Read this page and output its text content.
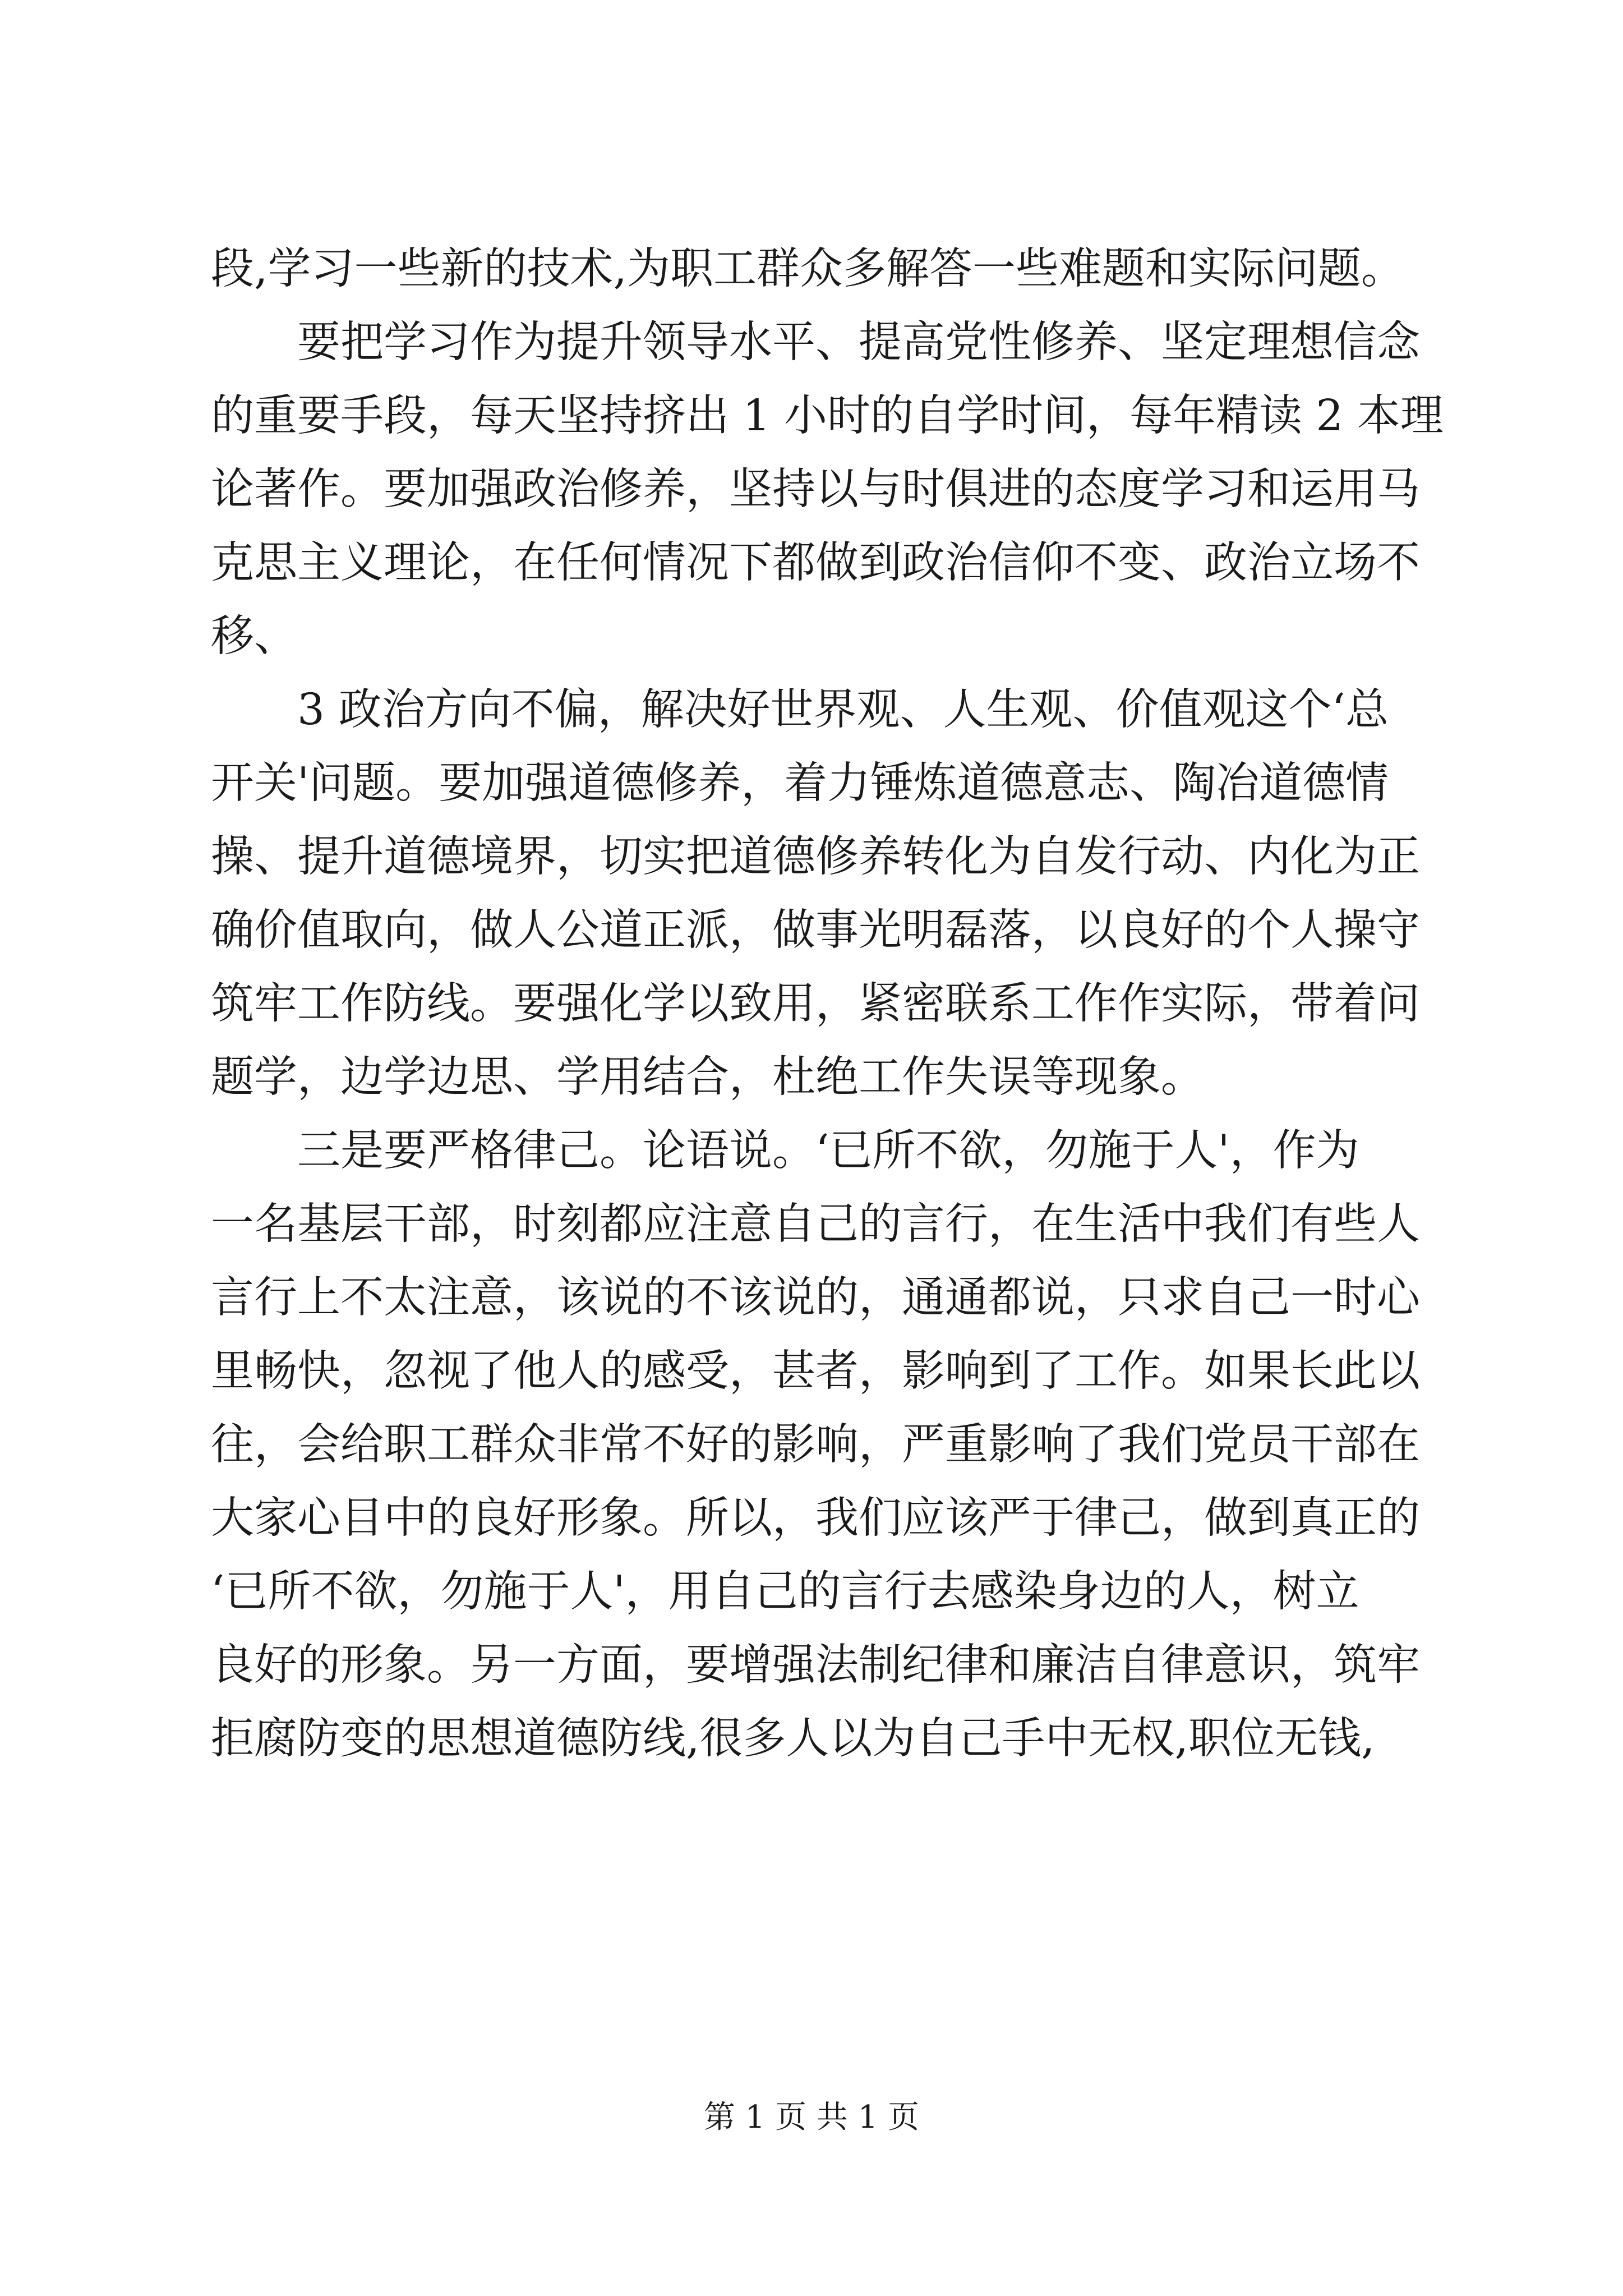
段,学习一些新的技术,为职工群众多解答一些难题和实际问题。
要把学习作为提升领导水平、提高党性修养、坚定理想信念
的重要手段，每天坚持挤出 1 小时的自学时间，每年精读 2 本理
论著作。要加强政治修养，坚持以与时俱进的态度学习和运用马
克思主义理论，在任何情况下都做到政治信仰不变、政治立场不
移、
3 政治方向不偏，解决好世界观、人生观、价值观这个‘总
开关'问题。要加强道德修养，着力锤炼道德意志、陶冶道德情
操、提升道德境界，切实把道德修养转化为自发行动、内化为正
确价值取向，做人公道正派，做事光明磊落，以良好的个人操守
筑牢工作防线。要强化学以致用，紧密联系工作作实际，带着问
题学，边学边思、学用结合，杜绝工作失误等现象。
三是要严格律己。论语说。‘已所不欲，勿施于人'，作为
一名基层干部，时刻都应注意自己的言行，在生活中我们有些人
言行上不太注意，该说的不该说的，通通都说，只求自己一时心
里畅快，忽视了他人的感受，甚者，影响到了工作。如果长此以
往，会给职工群众非常不好的影响，严重影响了我们党员干部在
大家心目中的良好形象。所以，我们应该严于律己，做到真正的
‘已所不欲，勿施于人'，用自己的言行去感染身边的人，树立
良好的形象。另一方面，要增强法制纪律和廉洁自律意识，筑牢
拒腐防变的思想道德防线,很多人以为自己手中无权,职位无钱,
第 1 页 共 1 页
